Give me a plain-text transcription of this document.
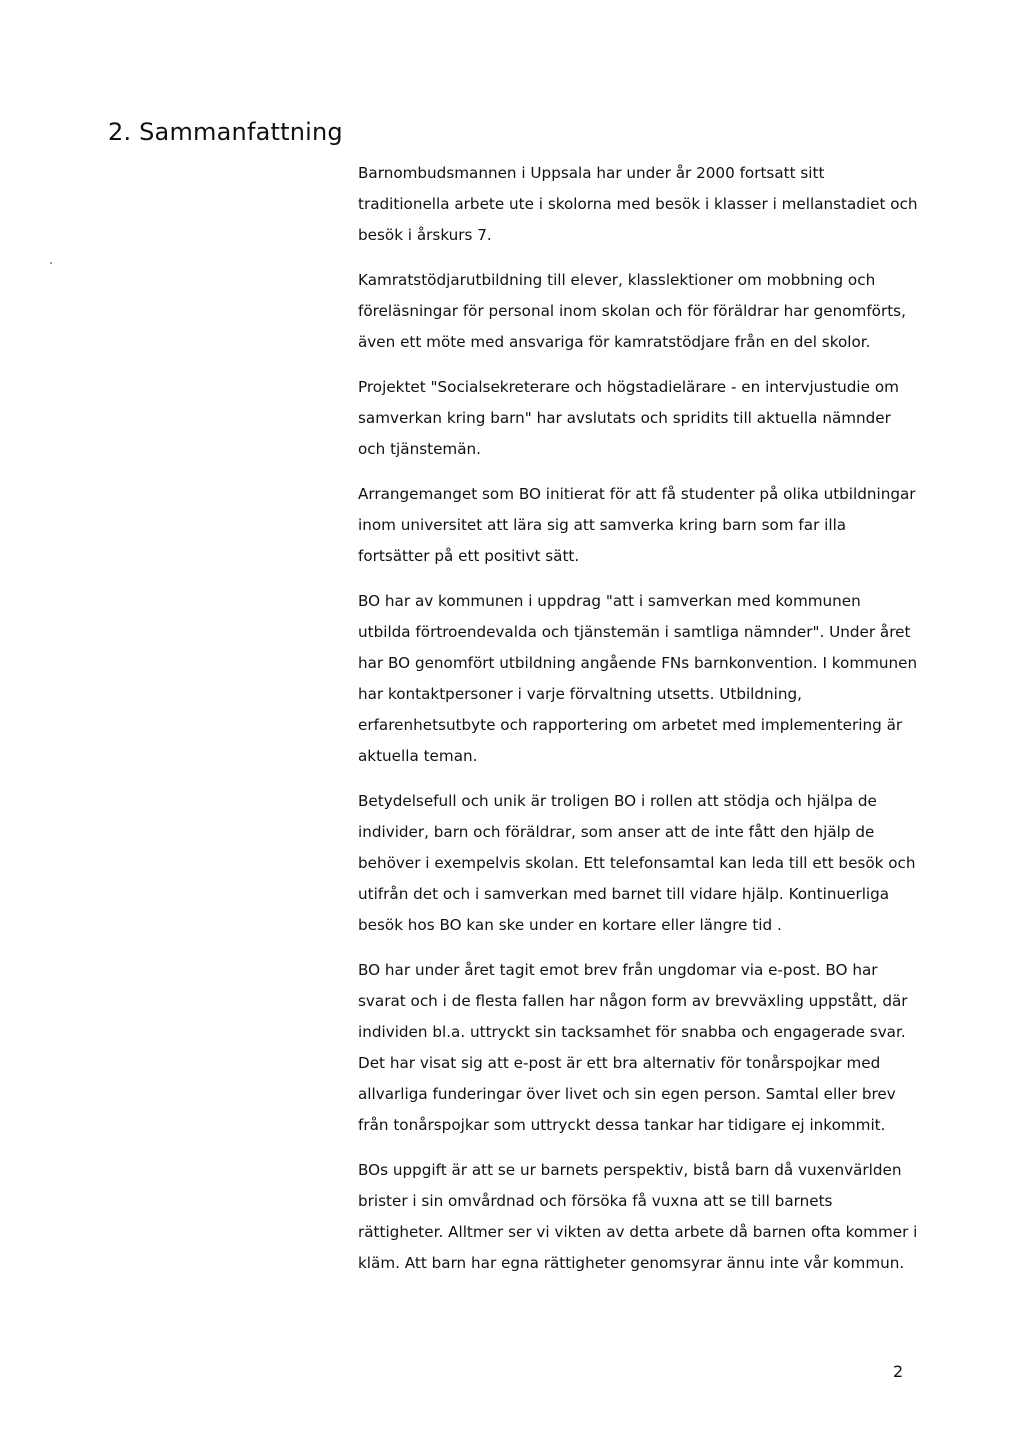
2. Sammanfattning

Barnombudsmannen i Uppsala har under år 2000 fortsatt sitt traditionella arbete ute i skolorna med besök i klasser i mellanstadiet och besök i årskurs 7.

Kamratstödjarutbildning till elever, klasslektioner om mobbning och föreläsningar för personal inom skolan och för föräldrar har genomförts, även ett möte med ansvariga för kamratstödjare från en del skolor.

Projektet "Socialsekreterare och högstadielärare - en intervjustudie om samverkan kring barn" har avslutats och spridits till aktuella nämnder och tjänstemän.

Arrangemanget som BO initierat för att få studenter på olika utbildningar inom universitet att lära sig att samverka kring barn som far illa fortsätter på ett positivt sätt.

BO har av kommunen i uppdrag "att i samverkan med kommunen utbilda förtroendevalda och tjänstemän i samtliga nämnder". Under året har BO genomfört utbildning angående FNs barnkonvention. I kommunen har kontaktpersoner i varje förvaltning utsetts. Utbildning, erfarenhetsutbyte och rapportering om arbetet med implementering är aktuella teman.

Betydelsefull och unik är troligen BO i rollen att stödja och hjälpa de individer, barn och föräldrar, som anser att de inte fått den hjälp de behöver i exempelvis skolan. Ett telefonsamtal kan leda till ett besök och utifrån det och i samverkan med barnet till vidare hjälp. Kontinuerliga besök hos BO kan ske under en kortare eller längre tid .

BO har under året tagit emot brev från ungdomar via e-post. BO har svarat och i de flesta fallen har någon form av brevväxling uppstått, där individen bl.a. uttryckt sin tacksamhet för snabba och engagerade svar. Det har visat sig att e-post är ett bra alternativ för tonårspojkar med allvarliga funderingar över livet och sin egen person. Samtal eller brev från tonårspojkar som uttryckt dessa tankar har tidigare ej inkommit.

BOs uppgift är att se ur barnets perspektiv, bistå barn då vuxenvärlden brister i sin omvårdnad och försöka få vuxna att se till barnets rättigheter. Alltmer ser vi vikten av detta arbete då barnen ofta kommer i kläm. Att barn har egna rättigheter genomsyrar ännu inte vår kommun.

2
